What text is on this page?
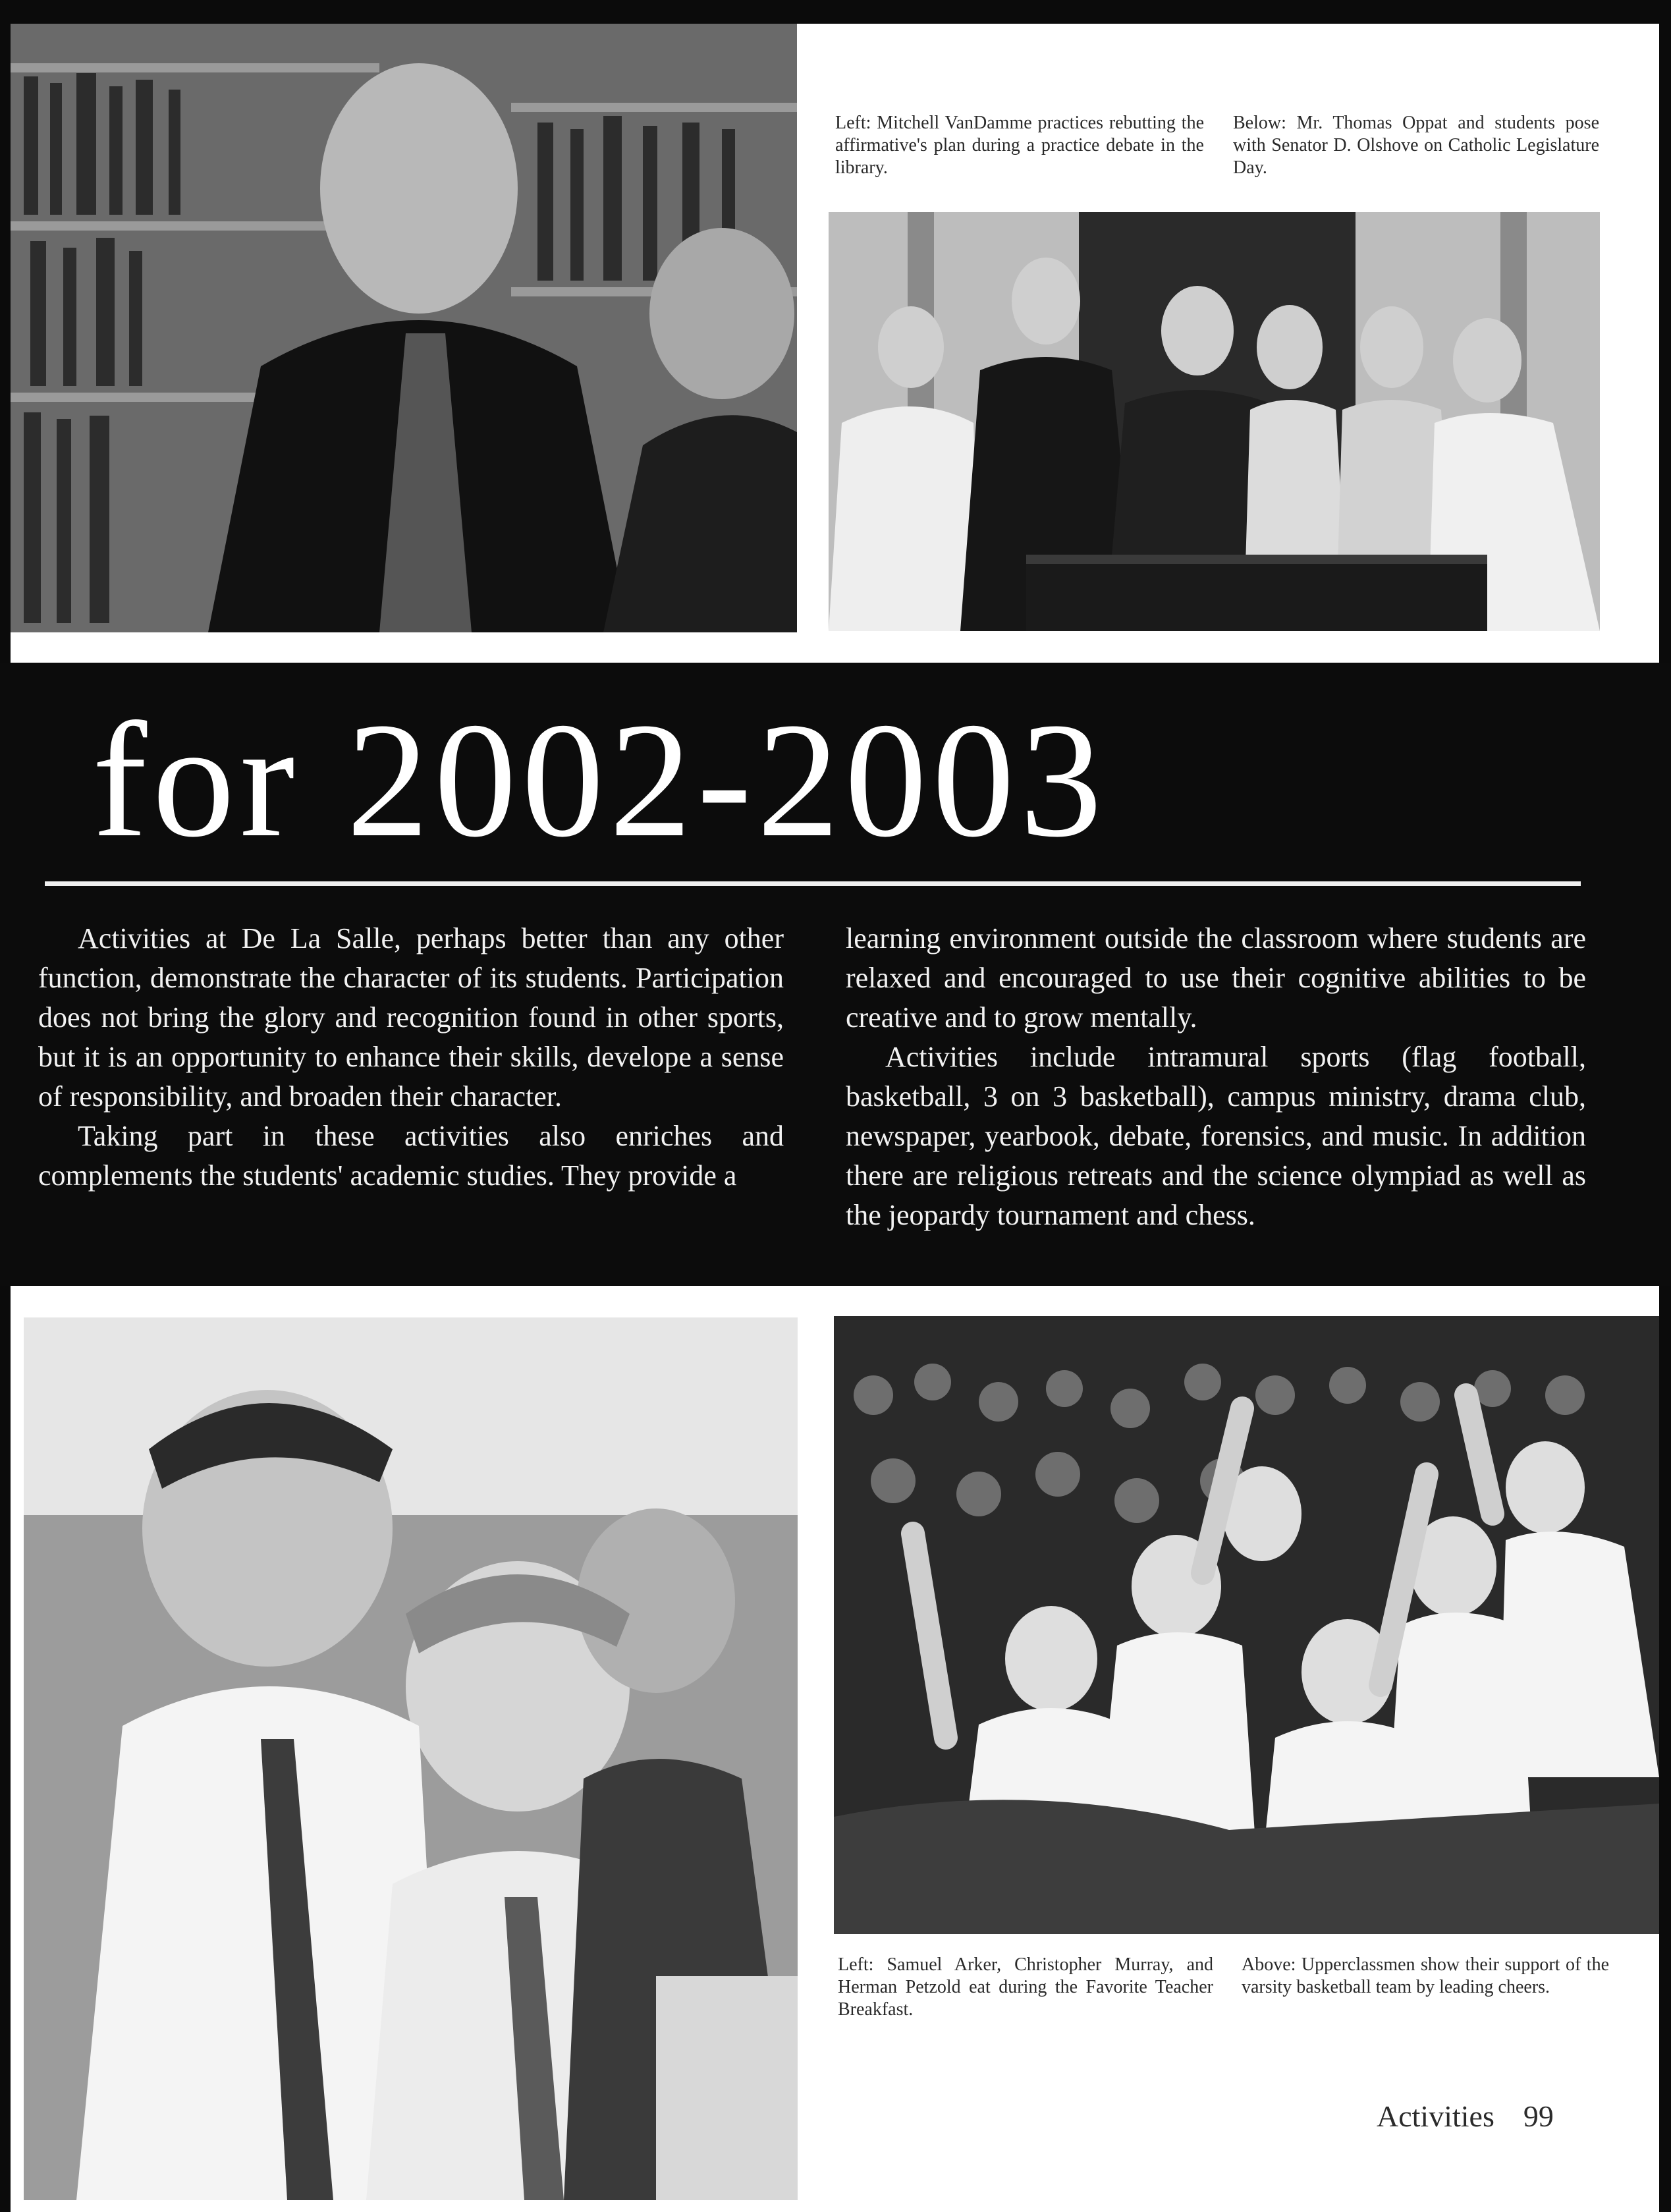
Left: Mitchell VanDamme practices rebutting the affirmative's plan during a practice debate in the library.
Below: Mr. Thomas Oppat and students pose with Senator D. Olshove on Catholic Legislature Day.
for 2002-2003

Activities at De La Salle, perhaps better than any other function, demonstrate the character of its students. Participation does not bring the glory and recognition found in other sports, but it is an opportunity to enhance their skills, develope a sense of responsibility, and broaden their character.

Taking part in these activities also enriches and complements the students' academic studies. They provide a

learning environment outside the classroom where students are relaxed and encouraged to use their cognitive abilities to be creative and to grow mentally.

Activities include intramural sports (flag football, basketball, 3 on 3 basketball), campus ministry, drama club, newspaper, yearbook, debate, forensics, and music. In addition there are religious retreats and the science olympiad as well as the jeopardy tournament and chess.

Left: Samuel Arker, Christopher Murray, and Herman Petzold eat during the Favorite Teacher Breakfast.
Above: Upperclassmen show their support of the varsity basketball team by leading cheers.
Activities 99
